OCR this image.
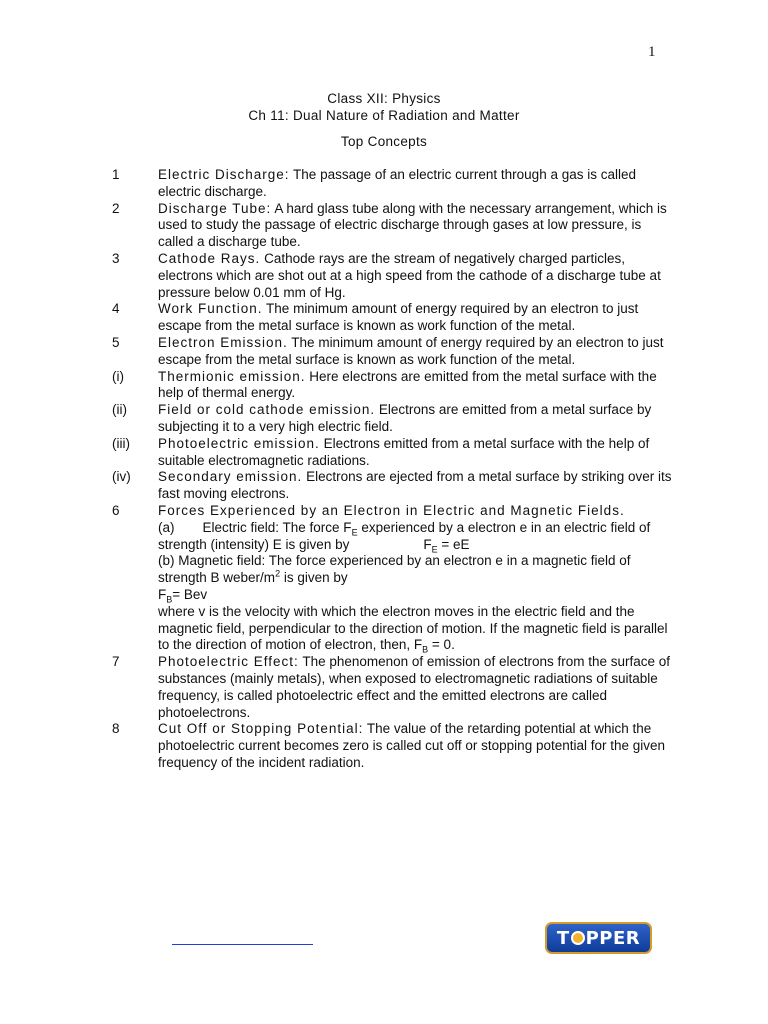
1
Class XII: Physics
Ch 11: Dual Nature of Radiation and Matter
Top Concepts
1	Electric Discharge: The passage of an electric current through a gas is called electric discharge.
2	Discharge Tube: A hard glass tube along with the necessary arrangement, which is used to study the passage of electric discharge through gases at low pressure, is called a discharge tube.
3	Cathode Rays. Cathode rays are the stream of negatively charged particles, electrons which are shot out at a high speed from the cathode of a discharge tube at pressure below 0.01 mm of Hg.
4	Work Function. The minimum amount of energy required by an electron to just escape from the metal surface is known as work function of the metal.
5	Electron Emission. The minimum amount of energy required by an electron to just escape from the metal surface is known as work function of the metal.
(i)	Thermionic emission. Here electrons are emitted from the metal surface with the help of thermal energy.
(ii)	Field or cold cathode emission. Electrons are emitted from a metal surface by subjecting it to a very high electric field.
(iii)	Photoelectric emission. Electrons emitted from a metal surface with the help of suitable electromagnetic radiations.
(iv)	Secondary emission. Electrons are ejected from a metal surface by striking over its fast moving electrons.
6	Forces Experienced by an Electron in Electric and Magnetic Fields.
(a) Electric field: The force $F_E$ experienced by a electron e in an electric field of strength (intensity) E is given by	$F_E$ = eE
(b) Magnetic field: The force experienced by an electron e in a magnetic field of strength B weber/$m^2$ is given by
$F_B=$ Bev
where v is the velocity with which the electron moves in the electric field and the magnetic field, perpendicular to the direction of motion. If the magnetic field is parallel to the direction of motion of electron, then, $F_B = 0$.
7	Photoelectric Effect: The phenomenon of emission of electrons from the surface of substances (mainly metals), when exposed to electromagnetic radiations of suitable frequency, is called photoelectric effect and the emitted electrons are called
photoelectrons.
8	Cut Off or Stopping Potential: The value of the retarding potential at which the photoelectric current becomes zero is called cut off or stopping potential for the given frequency of the incident radiation.
T PPER
